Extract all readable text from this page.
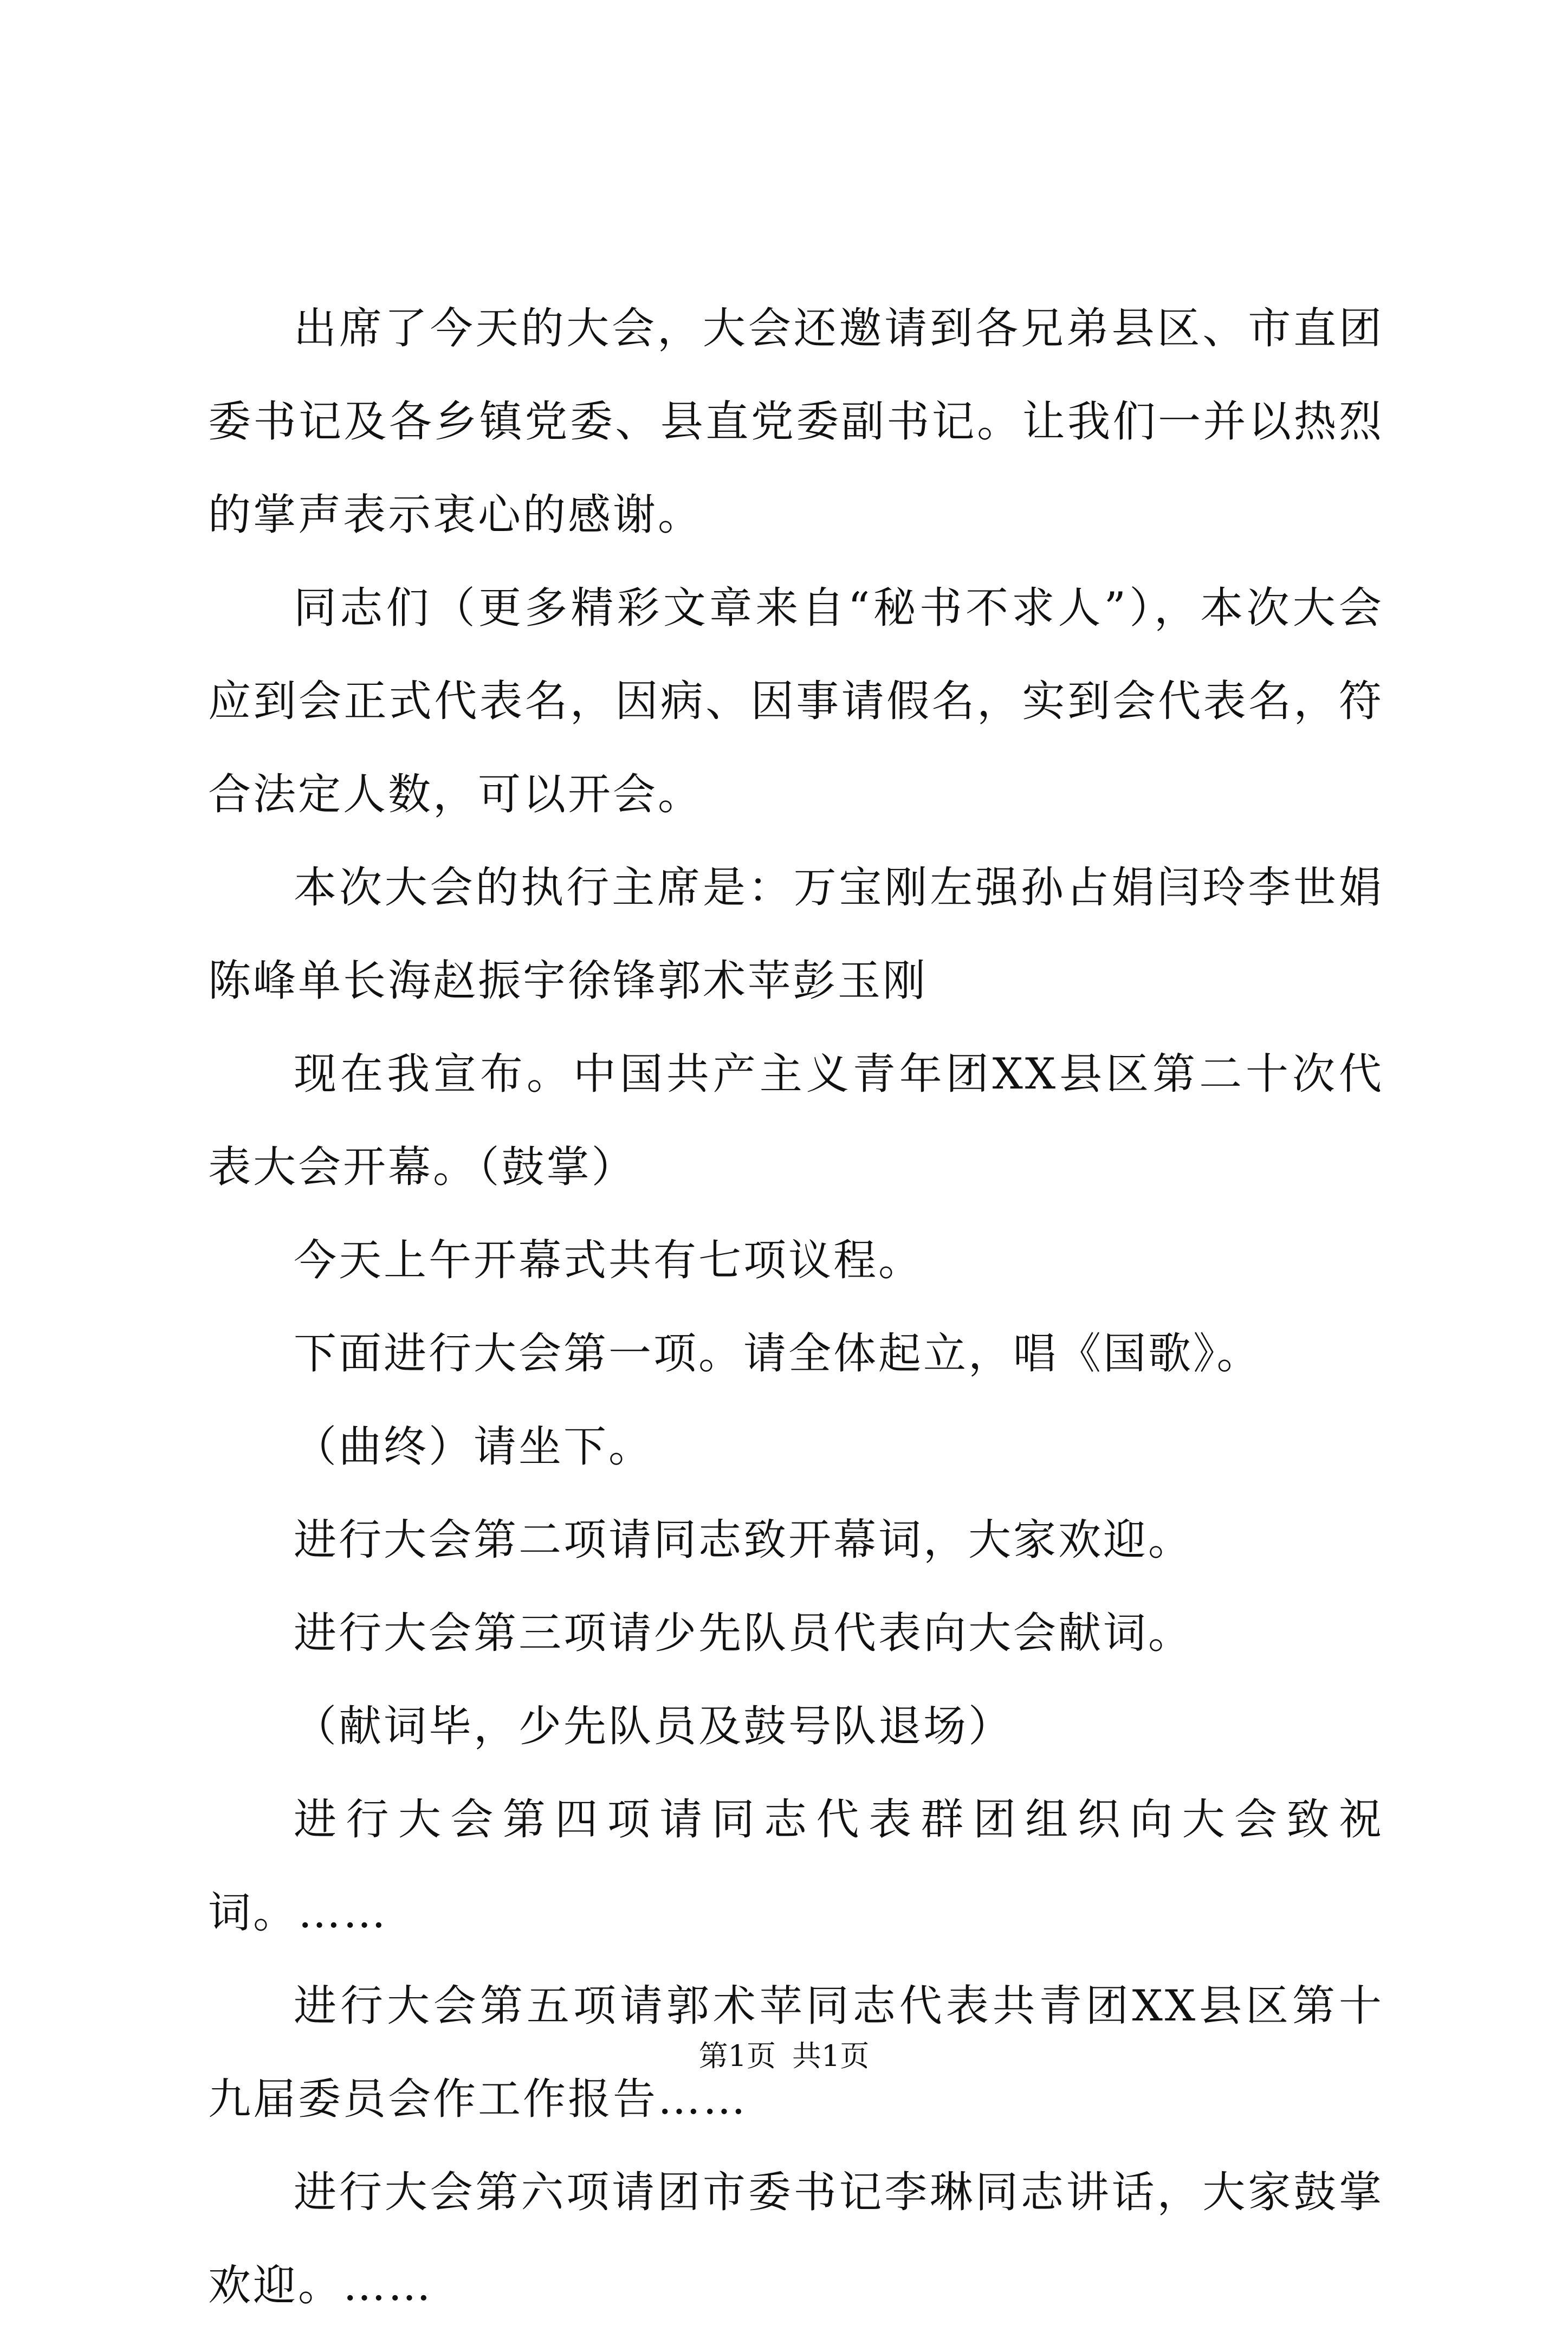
出席了今天的大会，大会还邀请到各兄弟县区、市直团委书记及各乡镇党委、县直党委副书记。让我们一并以热烈的掌声表示衷心的感谢。

同志们（更多精彩文章来自“秘书不求人”），本次大会应到会正式代表名，因病、因事请假名，实到会代表名，符合法定人数，可以开会。

本次大会的执行主席是：万宝刚左强孙占娟闫玲李世娟陈峰单长海赵振宇徐锋郭术苹彭玉刚

现在我宣布。中国共产主义青年团XX县区第二十次代表大会开幕。（鼓掌）

今天上午开幕式共有七项议程。

下面进行大会第一项。请全体起立，唱《国歌》。

（曲终）请坐下。

进行大会第二项请同志致开幕词，大家欢迎。

进行大会第三项请少先队员代表向大会献词。

（献词毕，少先队员及鼓号队退场）

进行大会第四项请同志代表群团组织向大会致祝词。……

进行大会第五项请郭术苹同志代表共青团XX县区第十九届委员会作工作报告……

进行大会第六项请团市委书记李琳同志讲话，大家鼓掌欢迎。……

第1页 共1页
